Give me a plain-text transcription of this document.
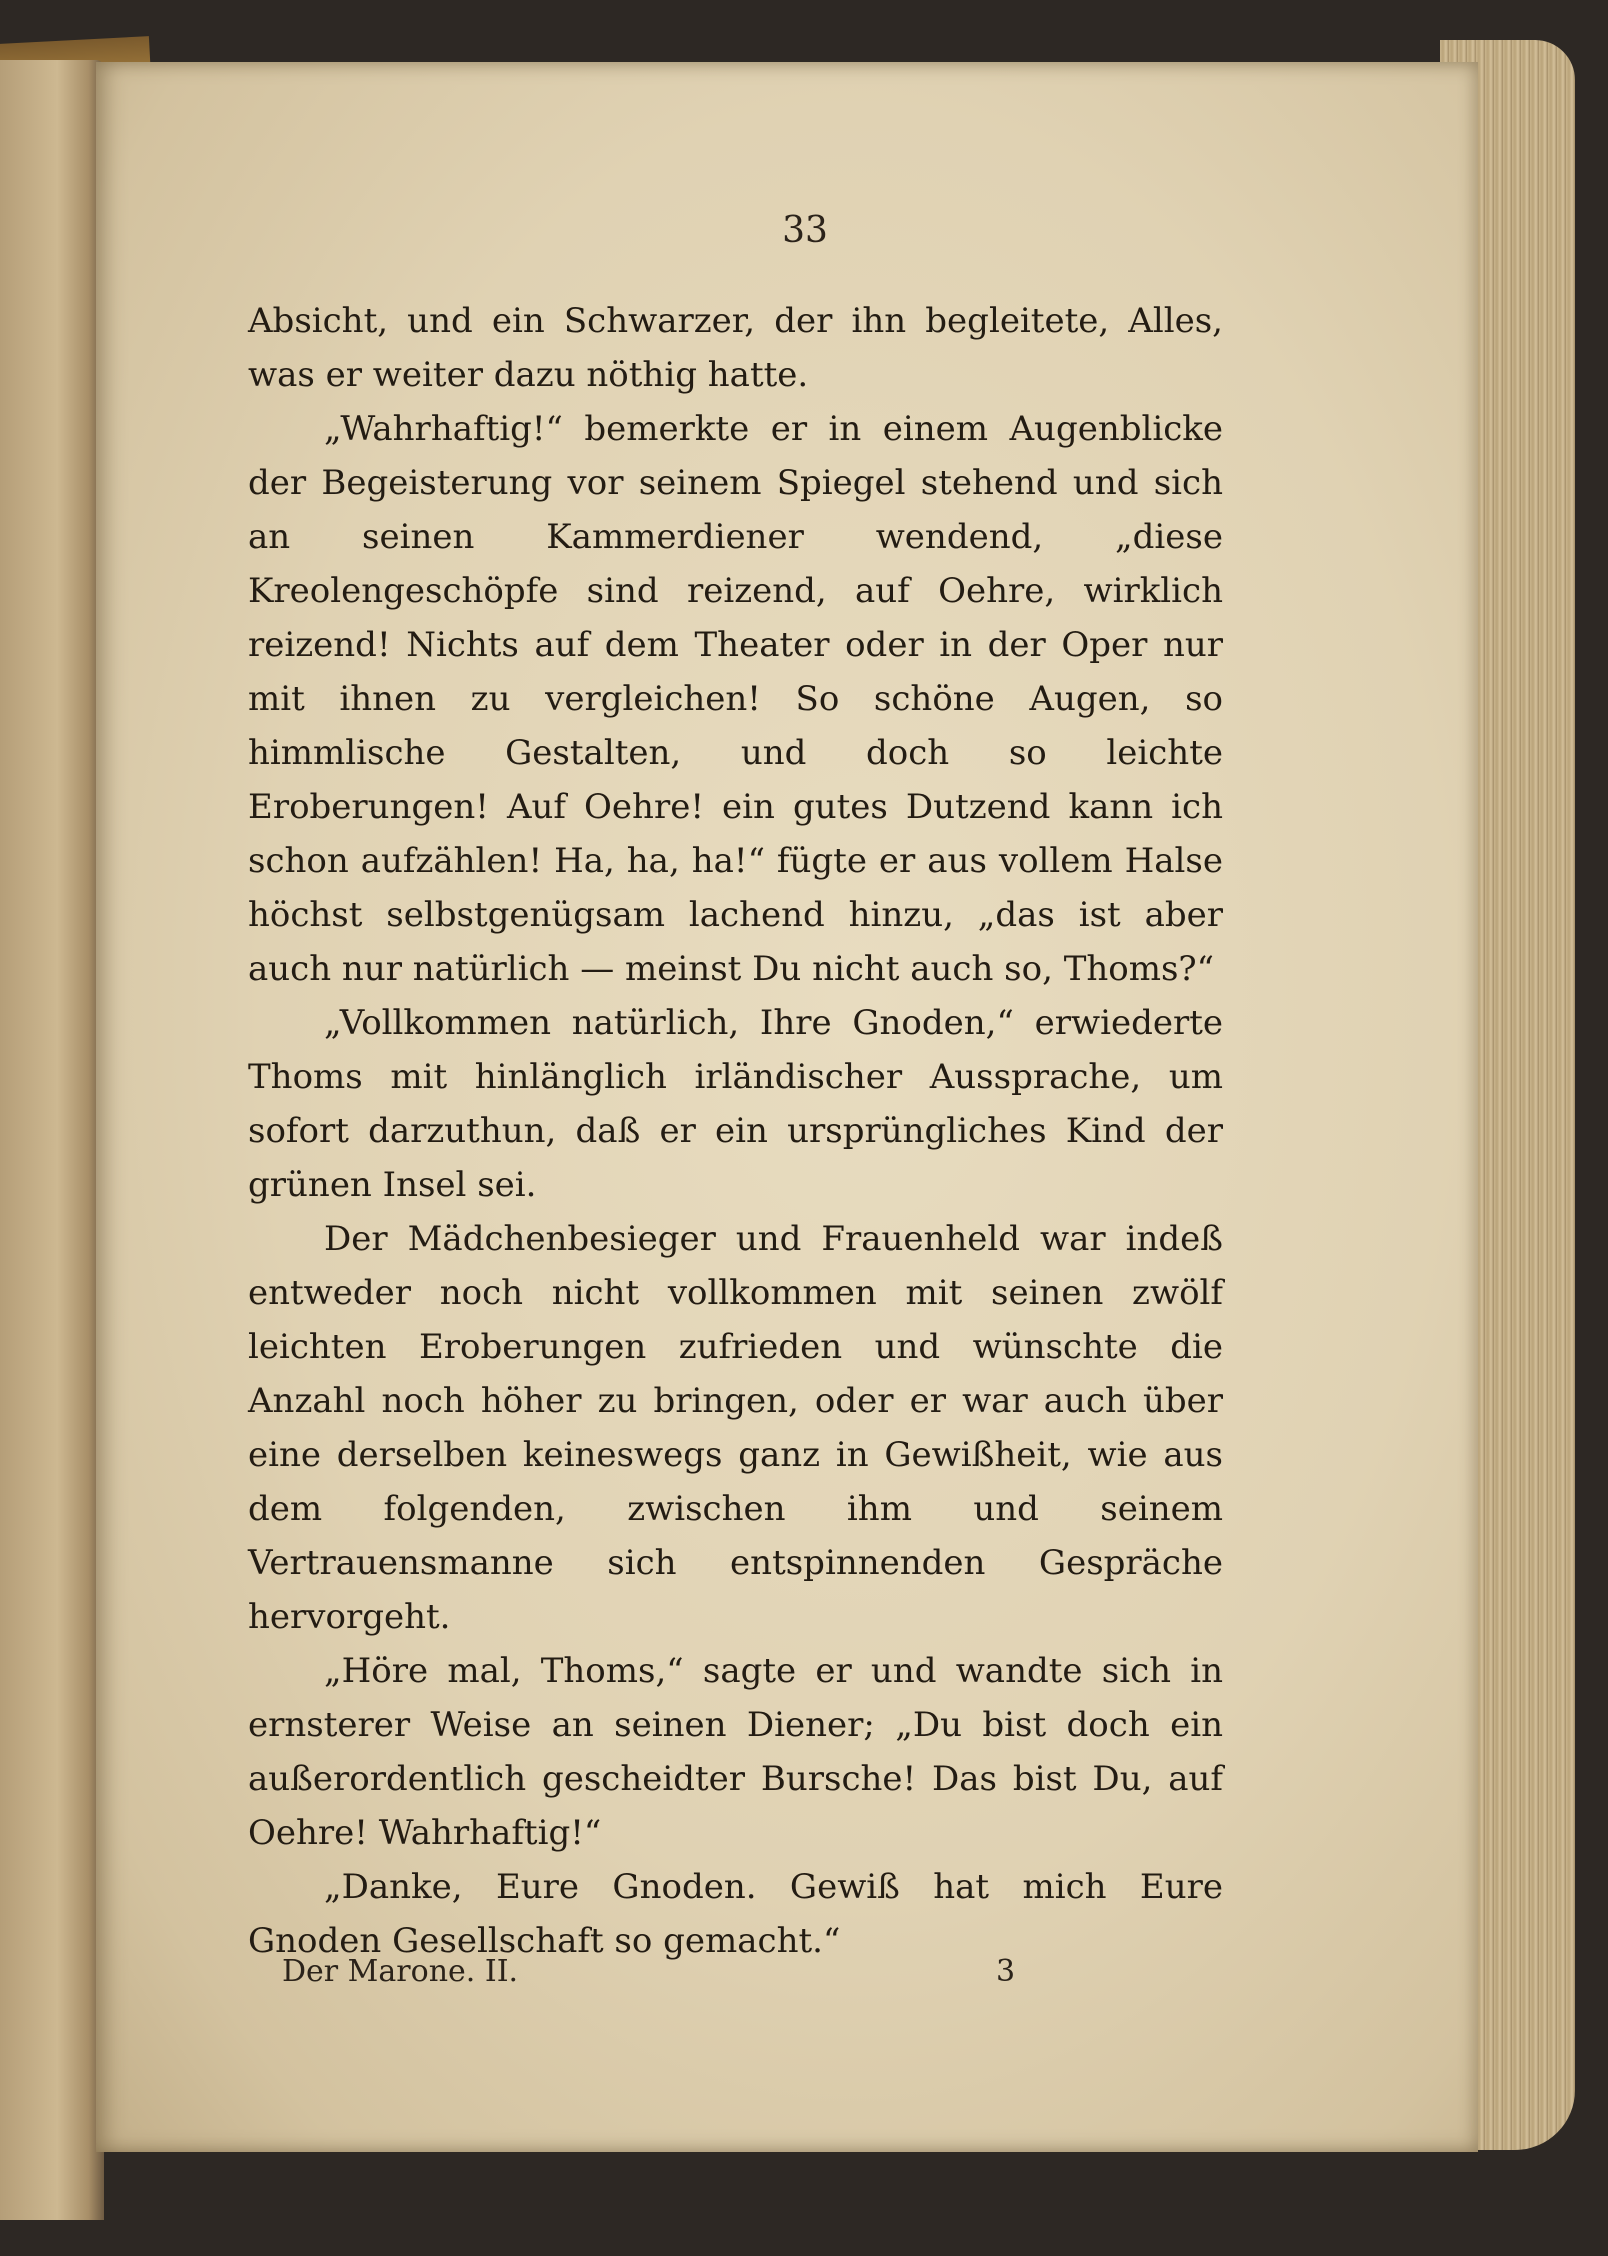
33

Absicht, und ein Schwarzer, der ihn begleitete, Alles, was er weiter dazu nöthig hatte.

„Wahrhaftig!“ bemerkte er in einem Augenblicke der Begeisterung vor seinem Spiegel stehend und sich an seinen Kammerdiener wendend, „diese Kreolengeschöpfe sind reizend, auf Oehre, wirklich reizend! Nichts auf dem Theater oder in der Oper nur mit ihnen zu vergleichen! So schöne Augen, so himmlische Gestalten, und doch so leichte Eroberungen! Auf Oehre! ein gutes Dutzend kann ich schon aufzählen! Ha, ha, ha!“ fügte er aus vollem Halse höchst selbstgenügsam lachend hinzu, „das ist aber auch nur natürlich — meinst Du nicht auch so, Thoms?“

„Vollkommen natürlich, Ihre Gnoden,“ erwiederte Thoms mit hinlänglich irländischer Aussprache, um sofort darzuthun, daß er ein ursprüngliches Kind der grünen Insel sei.

Der Mädchenbesieger und Frauenheld war indeß entweder noch nicht vollkommen mit seinen zwölf leichten Eroberungen zufrieden und wünschte die Anzahl noch höher zu bringen, oder er war auch über eine derselben keineswegs ganz in Gewißheit, wie aus dem folgenden, zwischen ihm und seinem Vertrauensmanne sich entspinnenden Gespräche hervorgeht.

„Höre mal, Thoms,“ sagte er und wandte sich in ernsterer Weise an seinen Diener; „Du bist doch ein außerordentlich gescheidter Bursche! Das bist Du, auf Oehre! Wahrhaftig!“

„Danke, Eure Gnoden. Gewiß hat mich Eure Gnoden Gesellschaft so gemacht.“

Der Marone. II.	3
